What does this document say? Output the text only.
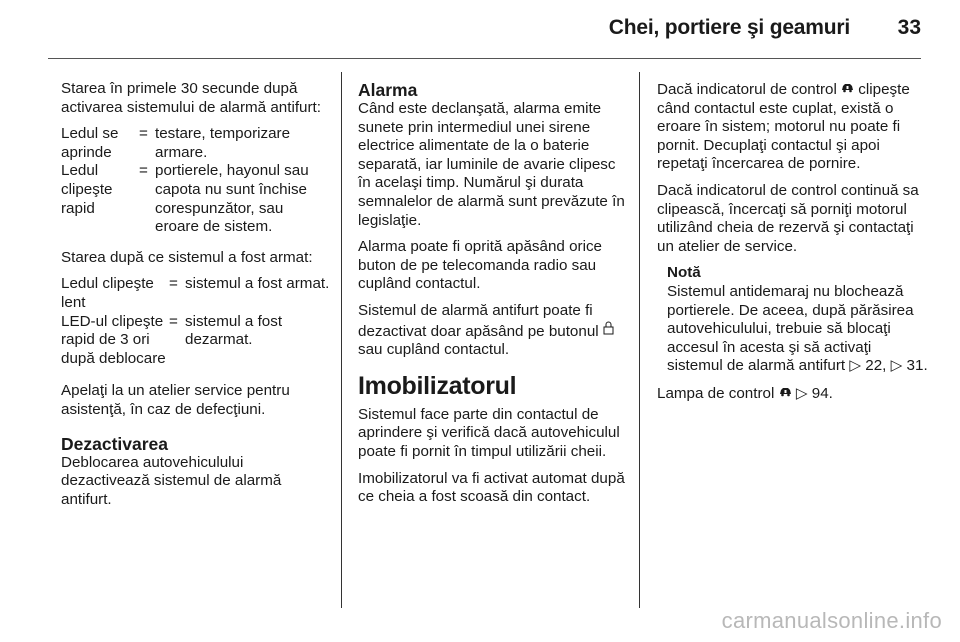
Chei, portiere şi geamuri 33

Starea în primele 30 secunde după activarea sistemului de alarmă antifurt:

Ledul se aprinde
= testare, temporizare armare.
Ledul clipeşte rapid
= portierele, hayonul sau capota nu sunt închise corespunzător, sau eroare de sistem.

Starea după ce sistemul a fost armat:

Ledul clipeşte lent
= sistemul a fost armat.
LED-ul clipeşte rapid de 3 ori după deblocare
= sistemul a fost dezarmat.

Apelaţi la un atelier service pentru asistenţă, în caz de defecţiuni.

Dezactivarea

Deblocarea autovehiculului dezactivează sistemul de alarmă antifurt.

Alarma

Când este declanşată, alarma emite sunete prin intermediul unei sirene electrice alimentate de la o baterie separată, iar luminile de avarie clipesc în acelaşi timp. Numărul şi durata semnalelor de alarmă sunt prevăzute în legislaţie.

Alarma poate fi oprită apăsând orice buton de pe telecomanda radio sau cuplând contactul.

Sistemul de alarmă antifurt poate fi dezactivat doar apăsând pe butonul  sau cuplând contactul.

Imobilizatorul

Sistemul face parte din contactul de aprindere şi verifică dacă autovehiculul poate fi pornit în timpul utilizării cheii.

Imobilizatorul va fi activat automat după ce cheia a fost scoasă din contact.

Dacă indicatorul de control clipeşte când contactul este cuplat, există o eroare în sistem; motorul nu poate fi pornit. Decuplaţi contactul şi apoi repetaţi încercarea de pornire.

Dacă indicatorul de control continuă sa clipească, încercaţi să porniţi motorul utilizând cheia de rezervă şi contactaţi un atelier de service.

Notă
Sistemul antidemaraj nu blochează portierele. De aceea, după părăsirea autovehiculului, trebuie să blocaţi accesul în acesta şi să activaţi sistemul de alarmă antifurt ▷ 22, ▷ 31.

Lampa de control ▷ 94.

carmanualsonline.info
